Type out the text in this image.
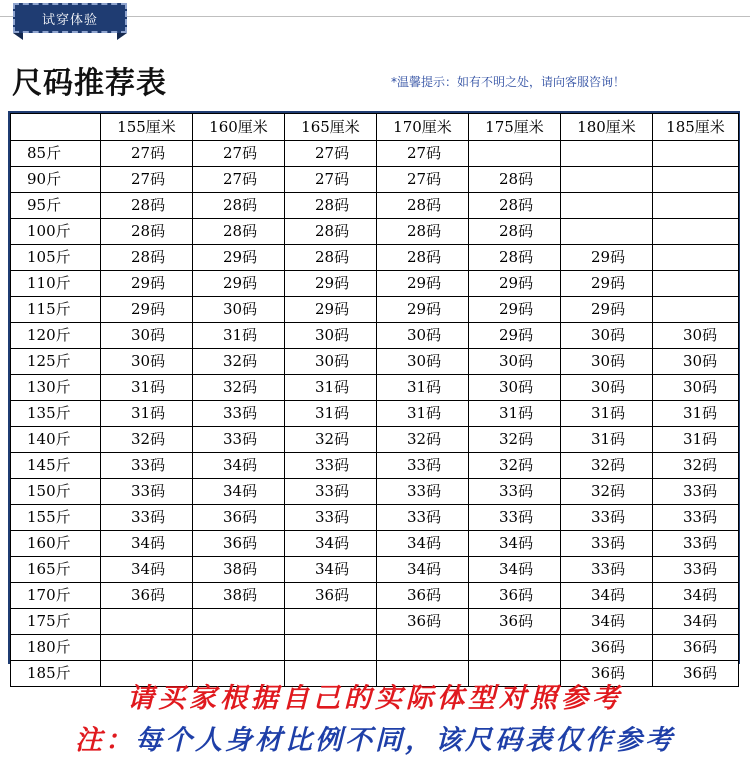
试穿体验
尺码推荐表	*温馨提示：如有不明之处，请向客服咨询！
	155厘米	160厘米	165厘米	170厘米	175厘米	180厘米	185厘米
85斤	27码	27码	27码	27码			
90斤	27码	27码	27码	27码	28码		
95斤	28码	28码	28码	28码	28码		
100斤	28码	28码	28码	28码	28码		
105斤	28码	29码	28码	28码	28码	29码	
110斤	29码	29码	29码	29码	29码	29码	
115斤	29码	30码	29码	29码	29码	29码	
120斤	30码	31码	30码	30码	29码	30码	30码
125斤	30码	32码	30码	30码	30码	30码	30码
130斤	31码	32码	31码	31码	30码	30码	30码
135斤	31码	33码	31码	31码	31码	31码	31码
140斤	32码	33码	32码	32码	32码	31码	31码
145斤	33码	34码	33码	33码	32码	32码	32码
150斤	33码	34码	33码	33码	33码	32码	33码
155斤	33码	36码	33码	33码	33码	33码	33码
160斤	34码	36码	34码	34码	34码	33码	33码
165斤	34码	38码	34码	34码	34码	33码	33码
170斤	36码	38码	36码	36码	36码	34码	34码
175斤				36码	36码	34码	34码
180斤						36码	36码
185斤						36码	36码
请买家根据自己的实际体型对照参考
注：每个人身材比例不同，该尺码表仅作参考
